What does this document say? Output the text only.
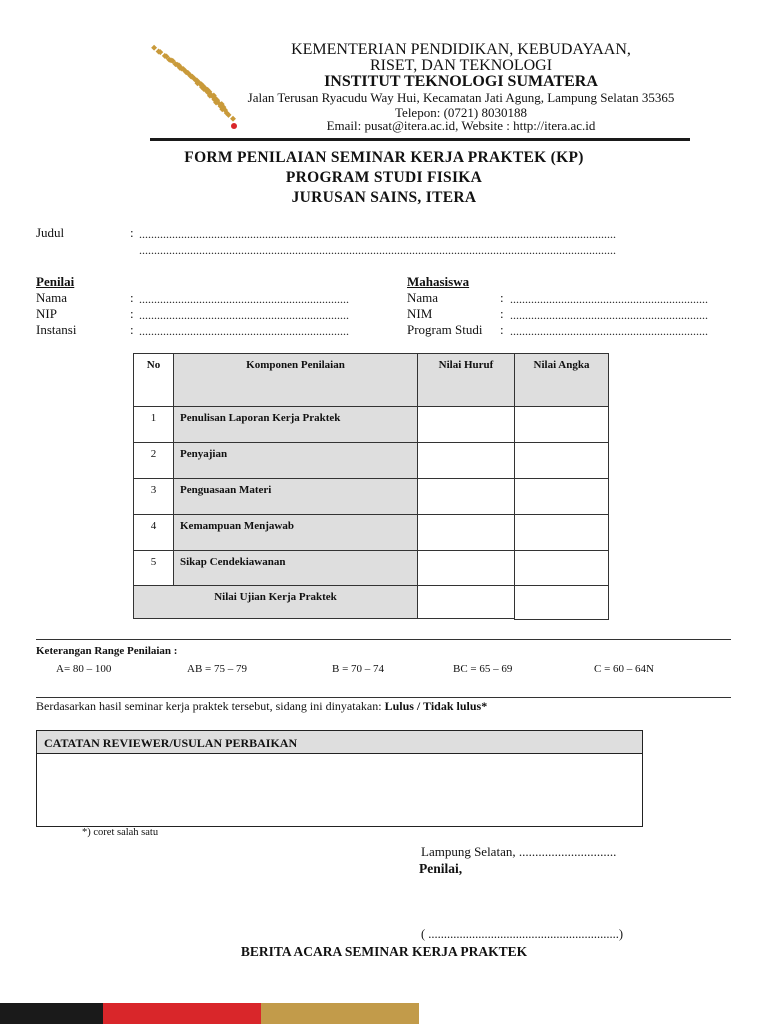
KEMENTERIAN PENDIDIKAN, KEBUDAYAAN,
RISET, DAN TEKNOLOGI
INSTITUT TEKNOLOGI SUMATERA
Jalan Terusan Ryacudu Way Hui, Kecamatan Jati Agung, Lampung Selatan 35365
Telepon: (0721) 8030188
Email: pusat@itera.ac.id, Website : http://itera.ac.id
FORM PENILAIAN SEMINAR KERJA PRAKTEK (KP)
PROGRAM STUDI FISIKA
JURUSAN SAINS, ITERA
Judul	: ...............................................................................................................................................................
...............................................................................................................................................................
Penilai
Nama	: ......................................................................
NIP	: ......................................................................
Instansi	: ......................................................................
Mahasiswa
Nama	: ..................................................................
NIM	: ..................................................................
Program Studi : ..................................................................
No	Komponen Penilaian	Nilai Huruf	Nilai Angka
1	Penulisan Laporan Kerja Praktek
2	Penyajian
3	Penguasaan Materi
4	Kemampuan Menjawab
5	Sikap Cendekiawanan
Nilai Ujian Kerja Praktek
Keterangan Range Penilaian :
A= 80 – 100	AB = 75 – 79	B = 70 – 74	BC = 65 – 69	C = 60 – 64N
Berdasarkan hasil seminar kerja praktek tersebut, sidang ini dinyatakan: Lulus / Tidak lulus*
CATATAN REVIEWER/USULAN PERBAIKAN
*) coret salah satu
Lampung Selatan, ..............................
Penilai,
( .............................................................)
BERITA ACARA SEMINAR KERJA PRAKTEK
